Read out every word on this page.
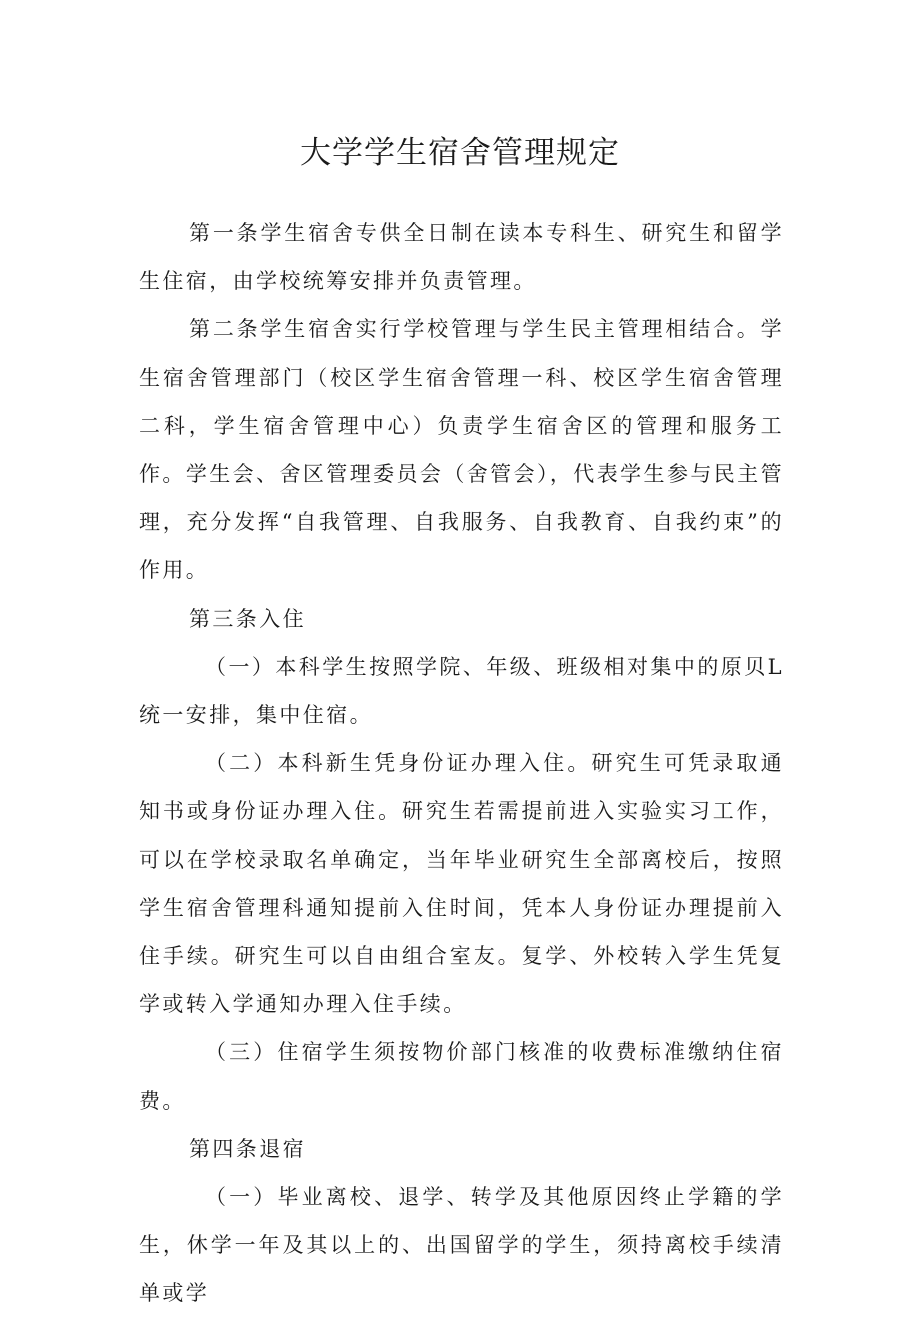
大学学生宿舍管理规定

第一条学生宿舍专供全日制在读本专科生、研究生和留学生住宿，由学校统筹安排并负责管理。

第二条学生宿舍实行学校管理与学生民主管理相结合。学生宿舍管理部门（校区学生宿舍管理一科、校区学生宿舍管理二科，学生宿舍管理中心）负责学生宿舍区的管理和服务工作。学生会、舍区管理委员会（舍管会），代表学生参与民主管理，充分发挥“自我管理、自我服务、自我教育、自我约束”的作用。

第三条入住

（一）本科学生按照学院、年级、班级相对集中的原贝L统一安排，集中住宿。

（二）本科新生凭身份证办理入住。研究生可凭录取通知书或身份证办理入住。研究生若需提前进入实验实习工作，可以在学校录取名单确定，当年毕业研究生全部离校后，按照学生宿舍管理科通知提前入住时间，凭本人身份证办理提前入住手续。研究生可以自由组合室友。复学、外校转入学生凭复学或转入学通知办理入住手续。

（三）住宿学生须按物价部门核准的收费标准缴纳住宿费。

第四条退宿

（一）毕业离校、退学、转学及其他原因终止学籍的学生，休学一年及其以上的、出国留学的学生，须持离校手续清单或学
